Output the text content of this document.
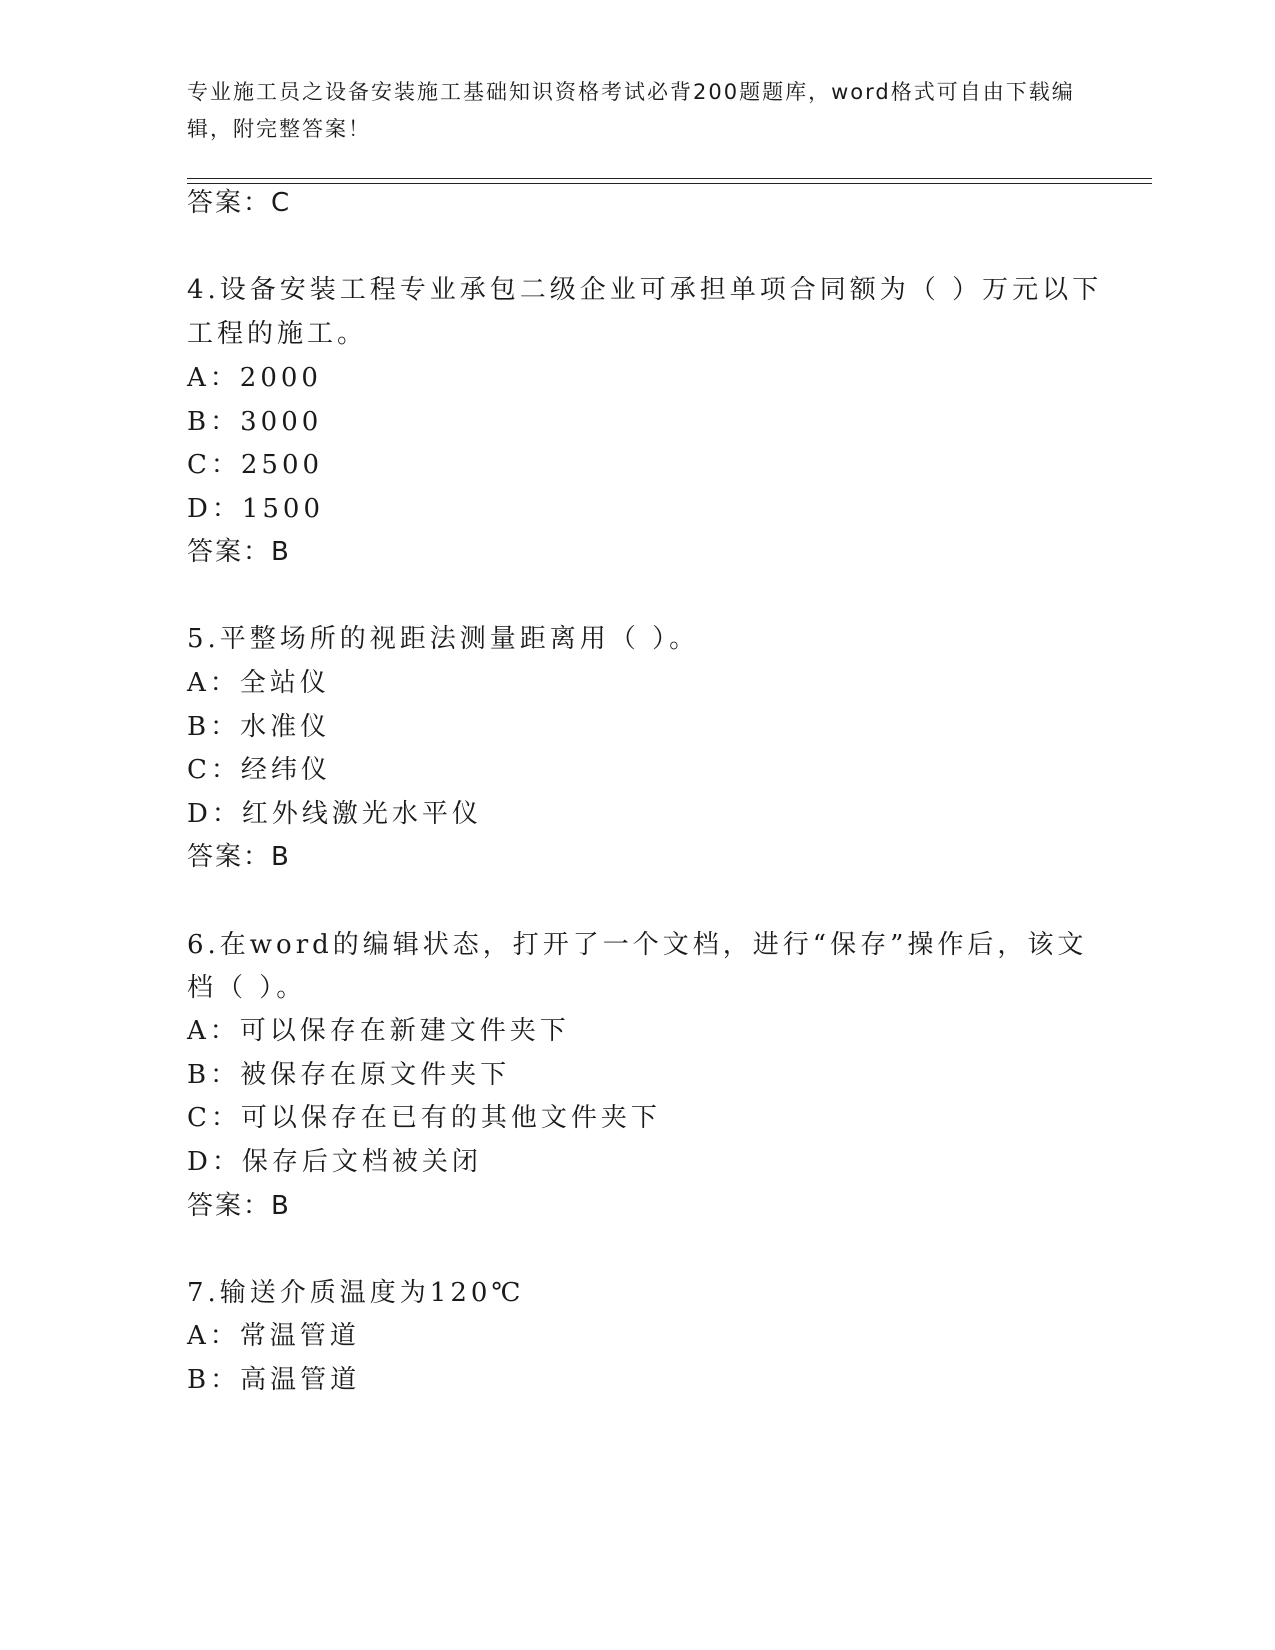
专业施工员之设备安装施工基础知识资格考试必背200题题库，word格式可自由下载编辑，附完整答案！
答案：C
4.设备安装工程专业承包二级企业可承担单项合同额为（ ）万元以下
工程的施工。
A：2000
B：3000
C：2500
D：1500
答案：B
5.平整场所的视距法测量距离用（ ）。
A：全站仪
B：水准仪
C：经纬仪
D：红外线激光水平仪
答案：B
6.在word的编辑状态，打开了一个文档，进行“保存”操作后，该文
档（ ）。
A：可以保存在新建文件夹下
B：被保存在原文件夹下
C：可以保存在已有的其他文件夹下
D：保存后文档被关闭
答案：B
7.输送介质温度为120℃
A：常温管道
B：高温管道
